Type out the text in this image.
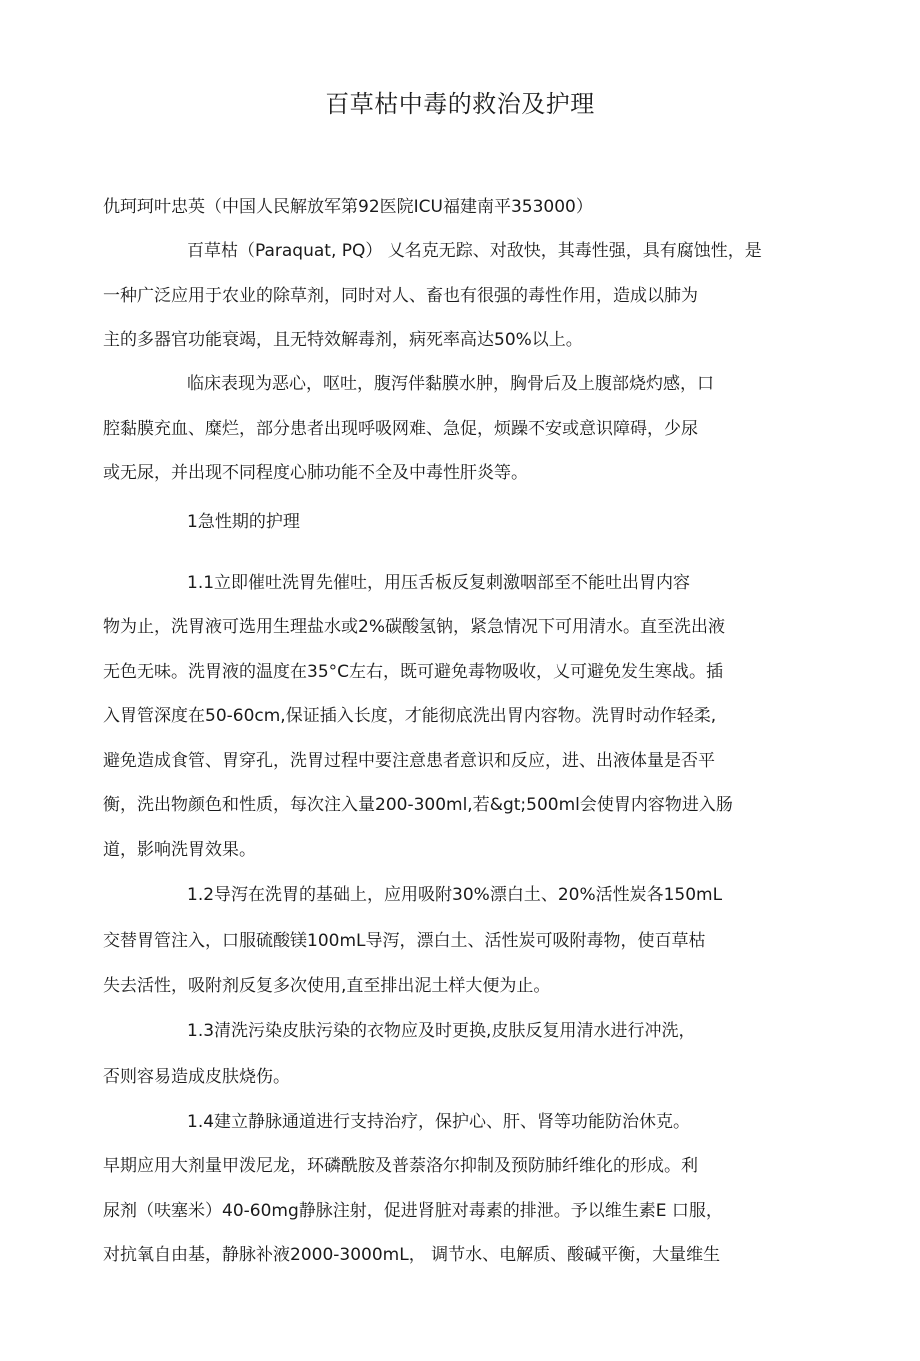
百草枯中毒的救治及护理

仇珂珂叶忠英（中国人民解放军第92医院ICU福建南平353000）

百草枯（Paraquat, PQ） 乂名克无踪、对敌快，其毒性强，具有腐蚀性，是

一种广泛应用于农业的除草剂，同时对人、畜也有很强的毒性作用，造成以肺为

主的多器官功能衰竭，且无特效解毒剂，病死率高达50%以上。

临床表现为恶心，呕吐，腹泻伴黏膜水肿，胸骨后及上腹部烧灼感，口

腔黏膜充血、糜烂，部分患者出现呼吸网难、急促，烦躁不安或意识障碍，少尿

或无尿，并出现不同程度心肺功能不全及中毒性肝炎等。

1急性期的护理

1.1立即催吐洗胃先催吐，用压舌板反复刺激咽部至不能吐出胃内容

物为止，洗胃液可选用生理盐水或2%碳酸氢钠，紧急情况下可用清水。直至洗出液

无色无味。洗胃液的温度在35°C左右，既可避免毒物吸收，乂可避免发生寒战。插

入胃管深度在50-60cm,保证插入长度，才能彻底洗出胃内容物。洗胃时动作轻柔,

避免造成食管、胃穿孔，洗胃过程中要注意患者意识和反应，进、出液体量是否平

衡，洗出物颜色和性质，每次注入量200-300ml,若&gt;500ml会使胃内容物进入肠

道，影响洗胃效果。

1.2导泻在洗胃的基础上，应用吸附30%漂白土、20%活性炭各150mL

交替胃管注入，口服硫酸镁100mL导泻，漂白土、活性炭可吸附毒物，使百草枯

失去活性，吸附剂反复多次使用,直至排出泥土样大便为止。

1.3清洗污染皮肤污染的衣物应及时更换,皮肤反复用清水进行冲洗，

否则容易造成皮肤烧伤。

1.4建立静脉通道进行支持治疗，保护心、肝、肾等功能防治休克。

早期应用大剂量甲泼尼龙，环磷酰胺及普萘洛尔抑制及预防肺纤维化的形成。利

尿剂（呋塞米）40-60mg静脉注射，促进肾脏对毒素的排泄。予以维生素E 口服，

对抗氧自由基，静脉补液2000-3000mL， 调节水、电解质、酸碱平衡，大量维生
